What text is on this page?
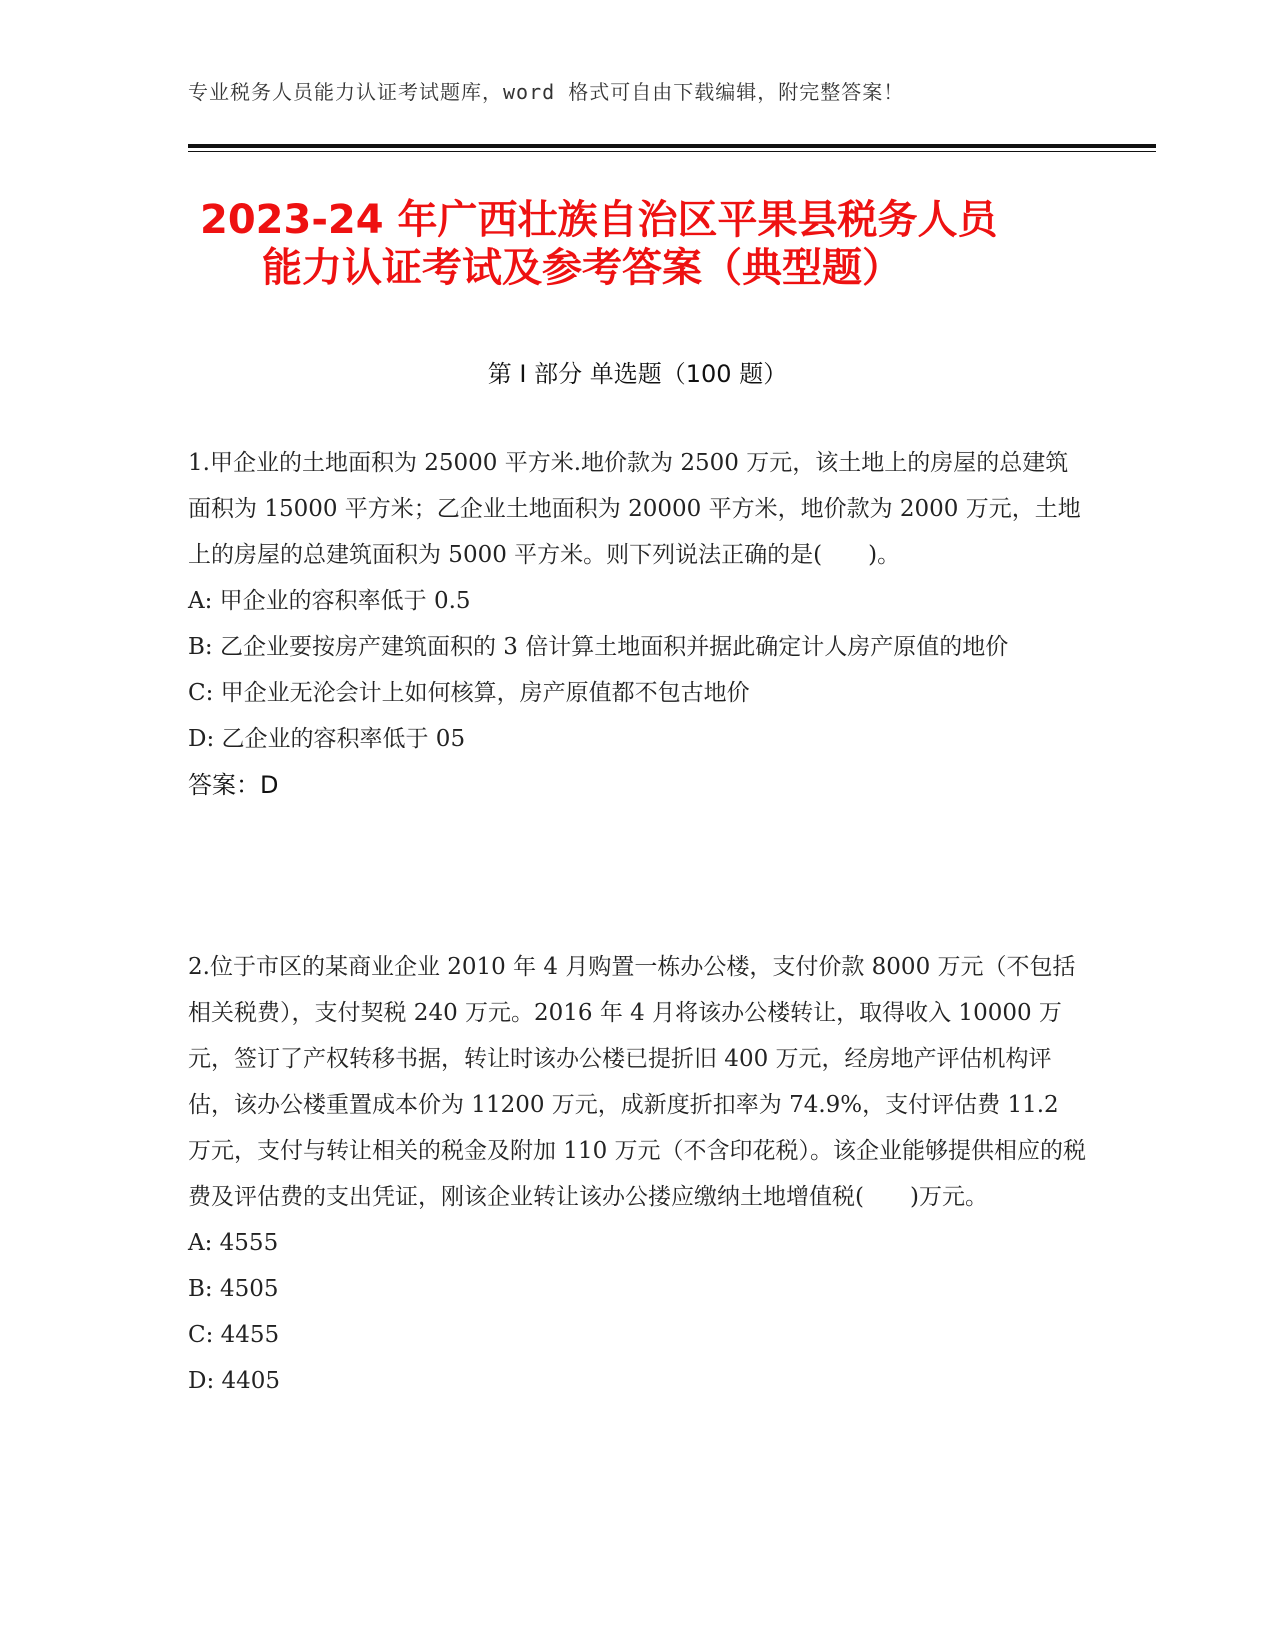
专业税务人员能力认证考试题库，word 格式可自由下载编辑，附完整答案！
2023-24 年广西壮族自治区平果县税务人员
能力认证考试及参考答案（典型题）
第 I 部分 单选题（100 题）

1.甲企业的土地面积为 25000 平方米.地价款为 2500 万元，该土地上的房屋的总建筑面积为 15000 平方米；乙企业土地面积为 20000 平方米，地价款为 2000 万元，土地上的房屋的总建筑面积为 5000 平方米。则下列说法正确的是(　　)。

A: 甲企业的容积率低于 0.5

B: 乙企业要按房产建筑面积的 3 倍计算土地面积并据此确定计人房产原值的地价

C: 甲企业无沦会计上如何核算，房产原值都不包古地价

D: 乙企业的容积率低于 05

答案：D

2.位于市区的某商业企业 2010 年 4 月购置一栋办公楼，支付价款 8000 万元（不包括相关税费），支付契税 240 万元。2016 年 4 月将该办公楼转让，取得收入 10000 万元，签订了产权转移书据，转让时该办公楼已提折旧 400 万元，经房地产评估机构评估，该办公楼重置成本价为 11200 万元，成新度折扣率为 74.9%，支付评估费 11.2 万元，支付与转让相关的税金及附加 110 万元（不含印花税）。该企业能够提供相应的税费及评估费的支出凭证，刚该企业转让该办公搂应缴纳土地增值税(　　)万元。

A: 4555

B: 4505

C: 4455

D: 4405
